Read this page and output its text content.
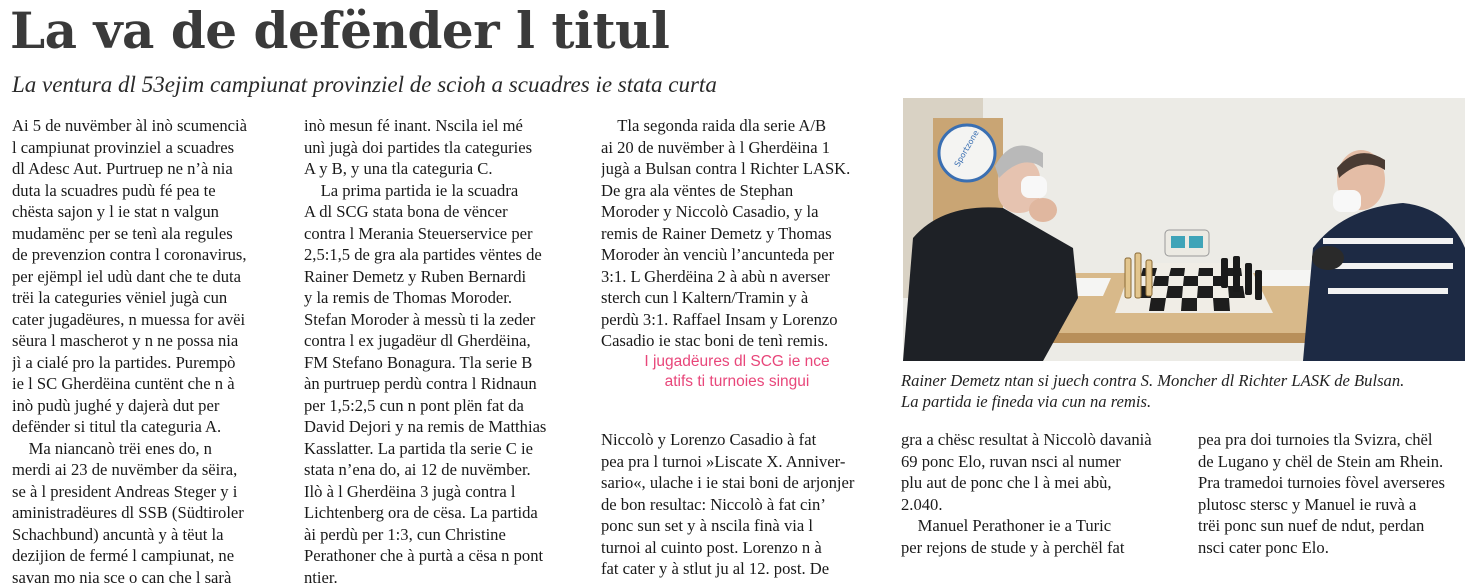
La va de defënder l titul

La ventura dl 53ejim campiunat provinziel de scioh a scuadres ie stata curta

Ai 5 de nuvëmber àl inò scumencià
l campiunat provinziel a scuadres
dl Adesc Aut. Purtruep ne n’à nia
duta la scuadres pudù fé pea te
chësta sajon y l ie stat n valgun
mudamënc per se tenì ala regules
de prevenzion contra l coronavirus,
per ejëmpl iel udù dant che te duta
trëi la categuries vëniel jugà cun
cater jugadëures, n muessa for avëi
sëura l mascherot y n ne possa nia
jì a cialé pro la partides. Purempò
ie l SC Gherdëina cuntënt che n à
inò pudù jughé y dajerà dut per
defënder si titul tla categuria A.
Ma niancanò trëi enes do, n
merdi ai 23 de nuvëmber da sëira,
se à l president Andreas Steger y i
aministradëures dl SSB (Südtiroler
Schachbund) ancuntà y à tëut la
dezijion de fermé l campiunat, ne
savan mo nia sce o can che l sarà
inò mesun fé inant. Nscila iel mé
unì jugà doi partides tla categuries
A y B, y una tla categuria C.
La prima partida ie la scuadra
A dl SCG stata bona de vëncer
contra l Merania Steuerservice per
2,5:1,5 de gra ala partides vëntes de
Rainer Demetz y Ruben Bernardi
y la remis de Thomas Moroder.
Stefan Moroder à messù ti la zeder
contra l ex jugadëur dl Gherdëina,
FM Stefano Bonagura. Tla serie B
àn purtruep perdù contra l Ridnaun
per 1,5:2,5 cun n pont plën fat da
David Dejori y na remis de Matthias
Kasslatter. La partida tla serie C ie
stata n’ena do, ai 12 de nuvëmber.
Ilò à l Gherdëina 3 jugà contra l
Lichtenberg ora de cësa. La partida
ài perdù per 1:3, cun Christine
Perathoner che à purtà a cësa n pont
ntier.
Tla segonda raida dla serie A/B
ai 20 de nuvëmber à l Gherdëina 1
jugà a Bulsan contra l Richter LASK.
De gra ala vëntes de Stephan
Moroder y Niccolò Casadio, y la
remis de Rainer Demetz y Thomas
Moroder àn venciù l’ancunteda per
3:1. L Gherdëina 2 à abù n averser
sterch cun l Kaltern/Tramin y à
perdù 3:1. Raffael Insam y Lorenzo
Casadio ie stac boni de tenì remis.
I jugadëures dl SCG ie nce
atifs ti turnoies singui
Niccolò y Lorenzo Casadio à fat
pea pra l turnoi »Liscate X. Anniver-
sario«, ulache i ie stai boni de arjonjer
de bon resultac: Niccolò à fat cin’
ponc sun set y à nscila finà via l
turnoi al cuinto post. Lorenzo n à
fat cater y à stlut ju al 12. post. De
gra a chësc resultat à Niccolò davanià
69 ponc Elo, ruvan nsci al numer
plu aut de ponc che l à mei abù,
2.040.
Manuel Perathoner ie a Turic
per rejons de stude y à perchël fat
pea pra doi turnoies tla Svizra, chël
de Lugano y chël de Stein am Rhein.
Pra tramedoi turnoies fòvel averseres
plutosc stersc y Manuel ie ruvà a
trëi ponc sun nuef de ndut, perdan
nsci cater ponc Elo.
Sportzone
Rainer Demetz ntan si juech contra S. Moncher dl Richter LASK de Bulsan.
La partida ie fineda via cun na remis.
